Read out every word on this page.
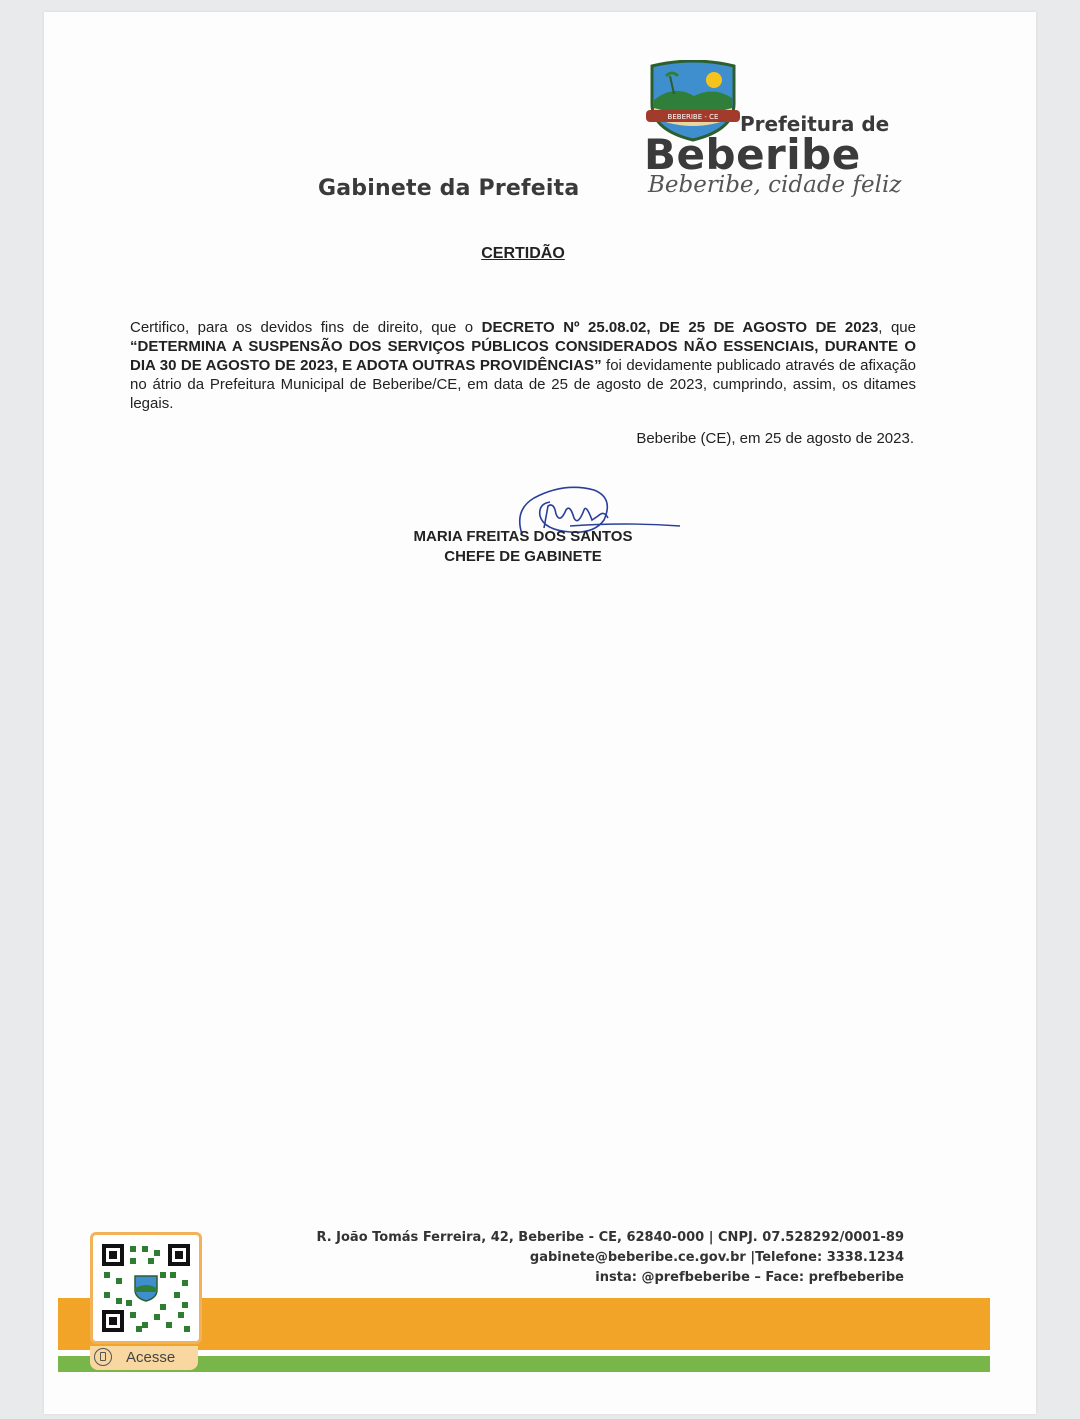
BEBERIBE - CE Prefeitura de
Beberibe
Beberibe, cidade feliz
Gabinete da Prefeita
CERTIDÃO
Certifico, para os devidos fins de direito, que o DECRETO Nº 25.08.02, DE 25 DE AGOSTO DE 2023, que “DETERMINA A SUSPENSÃO DOS SERVIÇOS PÚBLICOS CONSIDERADOS NÃO ESSENCIAIS, DURANTE O DIA 30 DE AGOSTO DE 2023, E ADOTA OUTRAS PROVIDÊNCIAS” foi devidamente publicado através de afixação no átrio da Prefeitura Municipal de Beberibe/CE, em data de 25 de agosto de 2023, cumprindo, assim, os ditames legais.
Beberibe (CE), em 25 de agosto de 2023.
MARIA FREITAS DOS SANTOS
CHEFE DE GABINETE
R. João Tomás Ferreira, 42, Beberibe - CE, 62840-000 | CNPJ. 07.528292/0001-89
gabinete@beberibe.ce.gov.br |Telefone: 3338.1234
insta: @prefbeberibe – Face: prefbeberibe
Acesse
